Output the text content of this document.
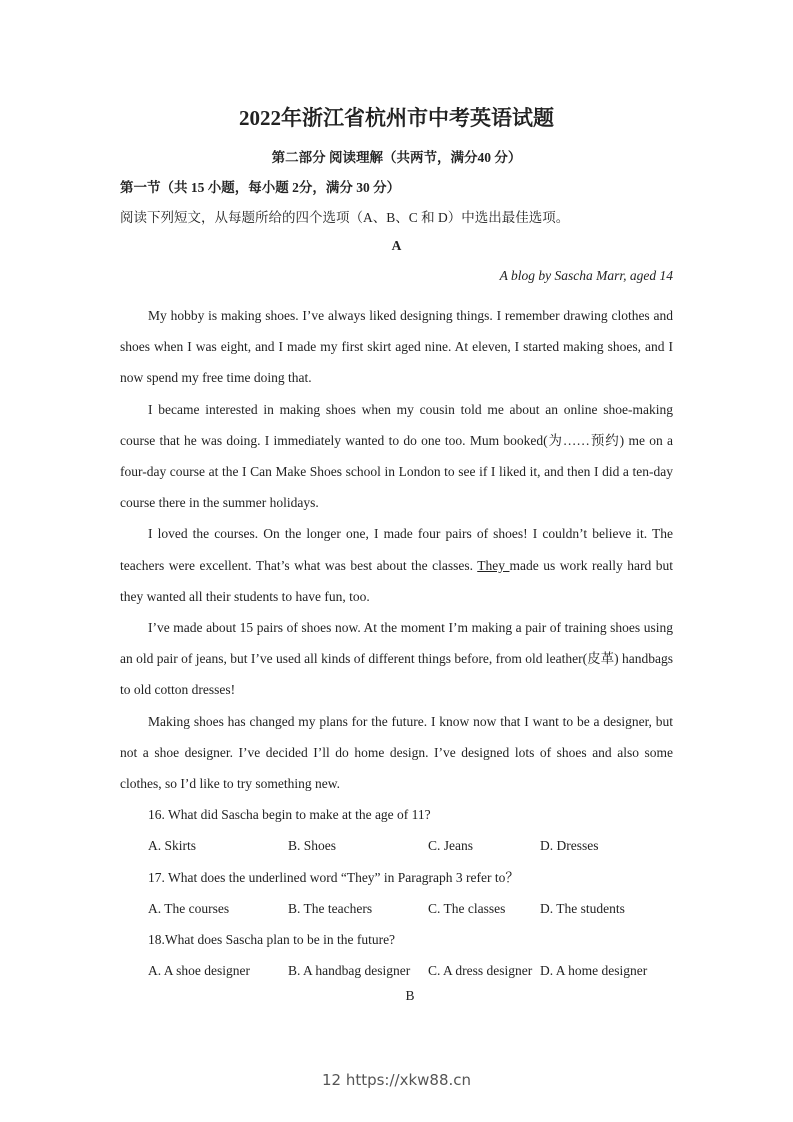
2022年浙江省杭州市中考英语试题
第二部分 阅读理解（共两节，满分40 分）
第一节（共 15 小题，每小题 2分，满分 30 分）
阅读下列短文，从每题所给的四个选项（A、B、C 和 D）中选出最佳选项。
A
A blog by Sascha Marr, aged 14

My hobby is making shoes. I’ve always liked designing things. I remember drawing clothes and shoes when I was eight, and I made my first skirt aged nine. At eleven, I started making shoes, and I now spend my free time doing that.

I became interested in making shoes when my cousin told me about an online shoe-making course that he was doing. I immediately wanted to do one too. Mum booked(为……预约) me on a four-day course at the I Can Make Shoes school in London to see if I liked it, and then I did a ten-day course there in the summer holidays.

I loved the courses. On the longer one, I made four pairs of shoes! I couldn’t believe it. The teachers were excellent. That’s what was best about the classes. They made us work really hard but they wanted all their students to have fun, too.

I’ve made about 15 pairs of shoes now. At the moment I’m making a pair of training shoes using an old pair of jeans, but I’ve used all kinds of different things before, from old leather(皮革) handbags to old cotton dresses!

Making shoes has changed my plans for the future. I know now that I want to be a designer, but not a shoe designer. I’ve decided I’ll do home design. I’ve designed lots of shoes and also some clothes, so I’d like to try something new.

16. What did Sascha begin to make at the age of 11?
A. Skirts	B. Shoes	C. Jeans	D. Dresses
17. What does the underlined word “They” in Paragraph 3 refer to？
A. The courses	B. The teachers	C. The classes	D. The students
18.What does Sascha plan to be in the future?
A. A shoe designer	B. A handbag designer	C. A dress designer D. A home designer
B
12 https://xkw88.cn
